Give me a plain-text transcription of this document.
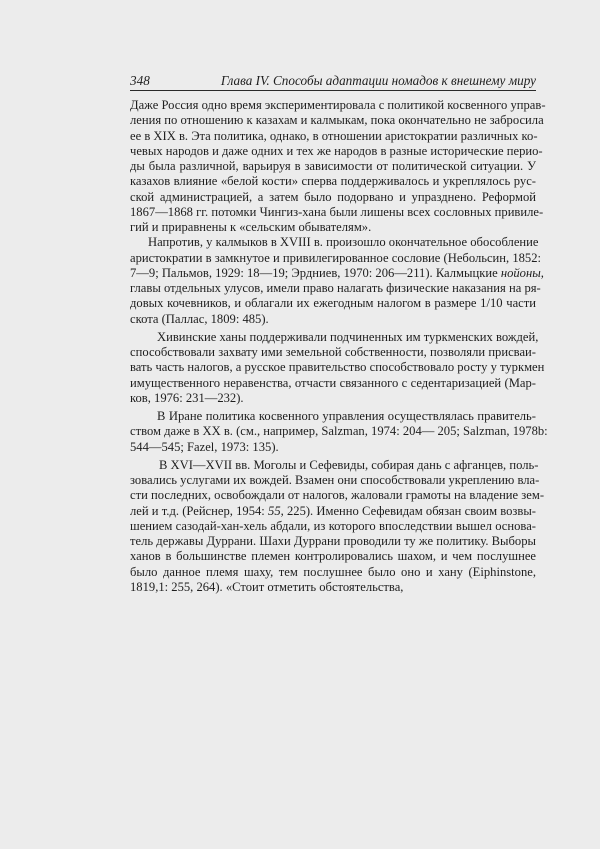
348	Глава IV. Способы адаптации номадов к внешнему миру
Даже Россия одно время экспериментировала с политикой косвенного управ-
ления по отношению к казахам и калмыкам, пока окончательно не забросила
ее в XIX в. Эта политика, однако, в отношении аристократии различных ко-
чевых народов и даже одних и тех же народов в разные исторические перио-
ды была различной, варьируя в зависимости от политической ситуации. У
казахов влияние «белой кости» сперва поддерживалось и укреплялось рус-
ской администрацией, а затем было подорвано и упразднено. Реформой
1867—1868 гг. потомки Чингиз-хана были лишены всех сословных привиле-
гий и приравнены к «сельским обывателям».
Напротив, у калмыков в XVIII в. произошло окончательное обособление
аристократии в замкнутое и привилегированное сословие (Небольсин, 1852:
7—9; Пальмов, 1929: 18—19; Эрдниев, 1970: 206—211). Калмыцкие нойоны,
главы отдельных улусов, имели право налагать физические наказания на ря-
довых кочевников, и облагали их ежегодным налогом в размере 1/10 части
скота (Паллас, 1809: 485).
Хивинские ханы поддерживали подчиненных им туркменских вождей,
способствовали захвату ими земельной собственности, позволяли присваи-
вать часть налогов, а русское правительство способствовало росту у туркмен
имущественного неравенства, отчасти связанного с седентаризацией (Мар-
ков, 1976: 231—232).
В Иране политика косвенного управления осуществлялась правитель-
ством даже в XX в. (см., например, Salzman, 1974: 204— 205; Salzman, 1978b:
544—545; Fazel, 1973: 135).
В XVI—XVII вв. Моголы и Сефевиды, собирая дань с афганцев, поль-
зовались услугами их вождей. Взамен они способствовали укреплению вла-
сти последних, освобождали от налогов, жаловали грамоты на владение зем-
лей и т.д. (Рейснер, 1954: 55, 225). Именно Сефевидам обязан своим возвы-
шением сазодай-хан-хель абдали, из которого впоследствии вышел основа-
тель державы Дуррани. Шахи Дуррани проводили ту же политику. Выборы
ханов в большинстве племен контролировались шахом, и чем послушнее
было данное племя шаху, тем послушнее было оно и хану (Eiphinstone,
1819,1: 255, 264). «Стоит отметить обстоятельства,
